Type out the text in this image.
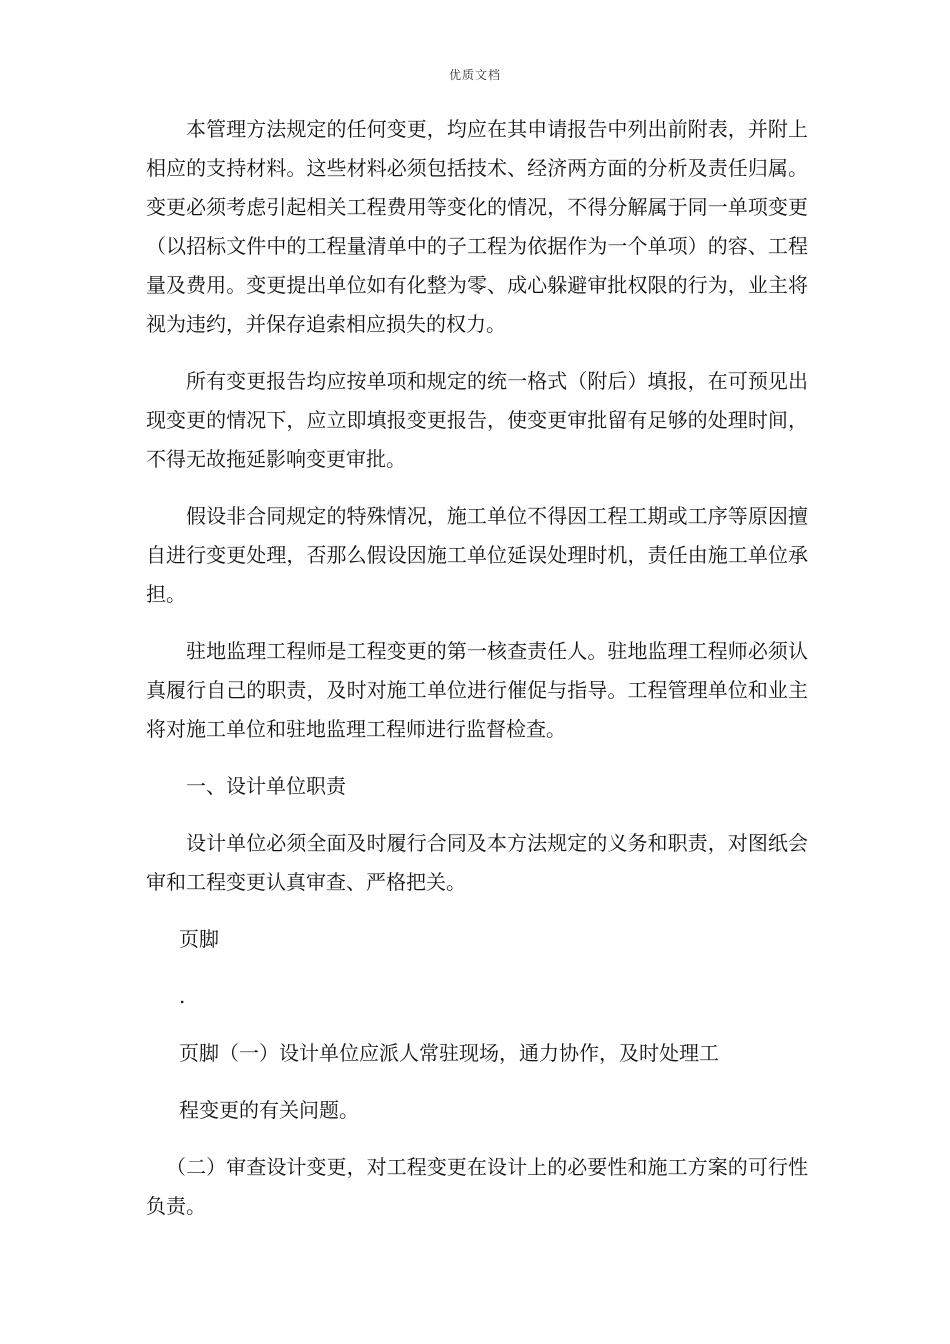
优质文档

本管理方法规定的任何变更，均应在其申请报告中列出前附表，并附上相应的支持材料。这些材料必须包括技术、经济两方面的分析及责任归属。变更必须考虑引起相关工程费用等变化的情况，不得分解属于同一单项变更（以招标文件中的工程量清单中的子工程为依据作为一个单项）的容、工程量及费用。变更提出单位如有化整为零、成心躲避审批权限的行为，业主将视为违约，并保存追索相应损失的权力。

所有变更报告均应按单项和规定的统一格式（附后）填报，在可预见出现变更的情况下，应立即填报变更报告，使变更审批留有足够的处理时间，不得无故拖延影响变更审批。

假设非合同规定的特殊情况，施工单位不得因工程工期或工序等原因擅自进行变更处理，否那么假设因施工单位延误处理时机，责任由施工单位承担。

驻地监理工程师是工程变更的第一核查责任人。驻地监理工程师必须认真履行自己的职责，及时对施工单位进行催促与指导。工程管理单位和业主将对施工单位和驻地监理工程师进行监督检查。

一、设计单位职责

设计单位必须全面及时履行合同及本方法规定的义务和职责，对图纸会审和工程变更认真审查、严格把关。

页脚
.
页脚（一）设计单位应派人常驻现场，通力协作，及时处理工
程变更的有关问题。

（二）审查设计变更，对工程变更在设计上的必要性和施工方案的可行性负责。
